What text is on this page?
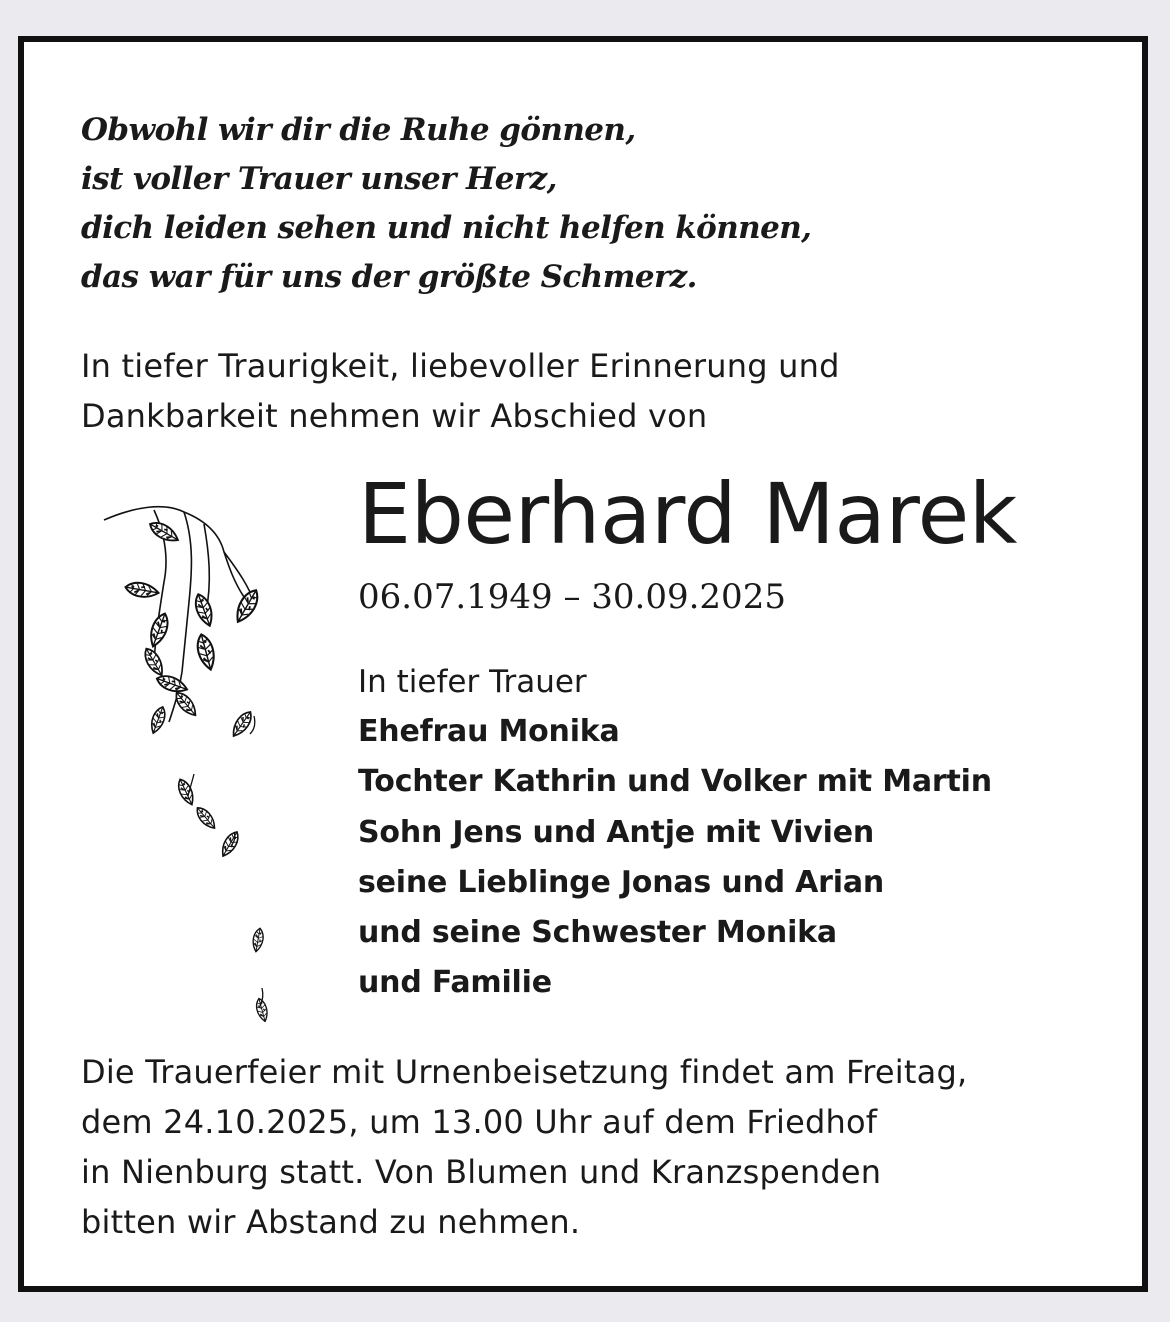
Obwohl wir dir die Ruhe gönnen,
ist voller Trauer unser Herz,
dich leiden sehen und nicht helfen können,
das war für uns der größte Schmerz.
In tiefer Traurigkeit, liebevoller Erinnerung und
Dankbarkeit nehmen wir Abschied von
Eberhard Marek
06.07.1949 – 30.09.2025
In tiefer Trauer
Ehefrau Monika
Tochter Kathrin und Volker mit Martin
Sohn Jens und Antje mit Vivien
seine Lieblinge Jonas und Arian
und seine Schwester Monika
und Familie
Die Trauerfeier mit Urnenbeisetzung findet am Freitag,
dem 24.10.2025, um 13.00 Uhr auf dem Friedhof
in Nienburg statt. Von Blumen und Kranzspenden
bitten wir Abstand zu nehmen.
